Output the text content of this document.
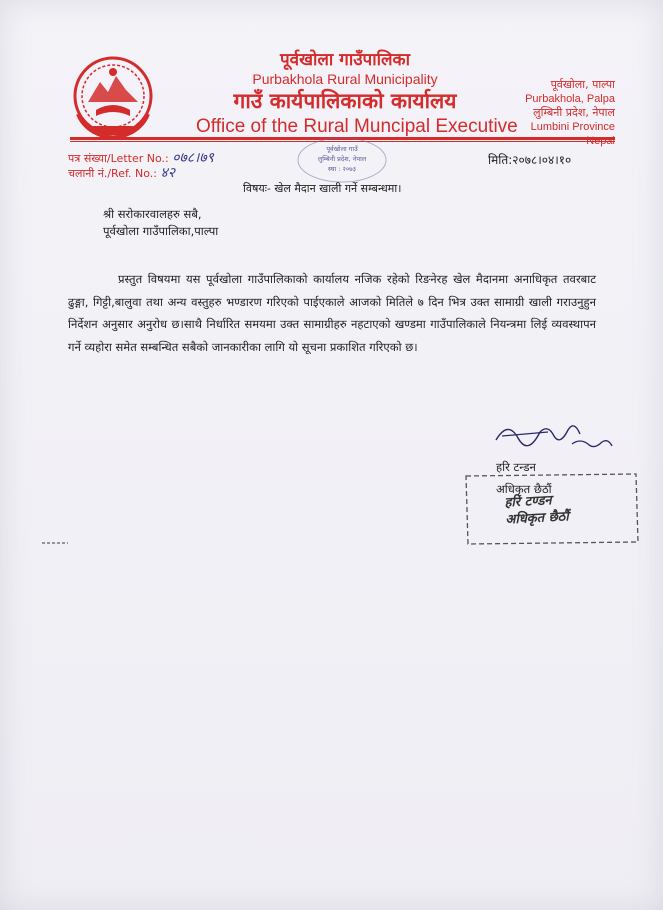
पूर्वखोला गाउँपालिका
Purbakhola Rural Municipality
गाउँ कार्यपालिकाको कार्यालय
Office of the Rural Muncipal Executive
पूर्वखोला, पाल्पा
Purbakhola, Palpa
लुम्बिनी प्रदेश, नेपाल
Lumbini Province
पत्र संख्या/Letter No.: ०७८।७९
चलानी नं./Ref. No.: ४२
पूर्वखोला गाउँ
लुम्बिनी प्रदेश, नेपाल
स्था : २०७३
मिति:२०७८।०४।१०
विषयः- खेल मैदान खाली गर्ने सम्बन्धमा।
श्री सरोकारवालहरु सबै,
पूर्वखोला गाउँपालिका,पाल्पा
प्रस्तुत विषयमा यस पूर्वखोला गाउँपालिकाको कार्यालय नजिक रहेको रिङनेरह खेल मैदानमा अनाधिकृत तवरबाट ढुङ्गा, गिट्टी,बालुवा तथा अन्य वस्तुहरु भण्डारण गरिएको पाईएकाले आजको मितिले ७ दिन भित्र उक्त सामाग्री खाली गराउनुहुन निर्देशन अनुसार अनुरोध छ।साथै निर्धारित समयमा उक्त सामाग्रीहरु नहटाएको खण्डमा गाउँपालिकाले नियन्त्रमा लिई व्यवस्थापन गर्ने व्यहोरा समेत सम्बन्धित सबैको जानकारीका लागि यो सूचना प्रकाशित गरिएको छ।
हरि टन्डन
अधिकृत छैठौं
हरि टण्डन
अधिकृत छैठौं
